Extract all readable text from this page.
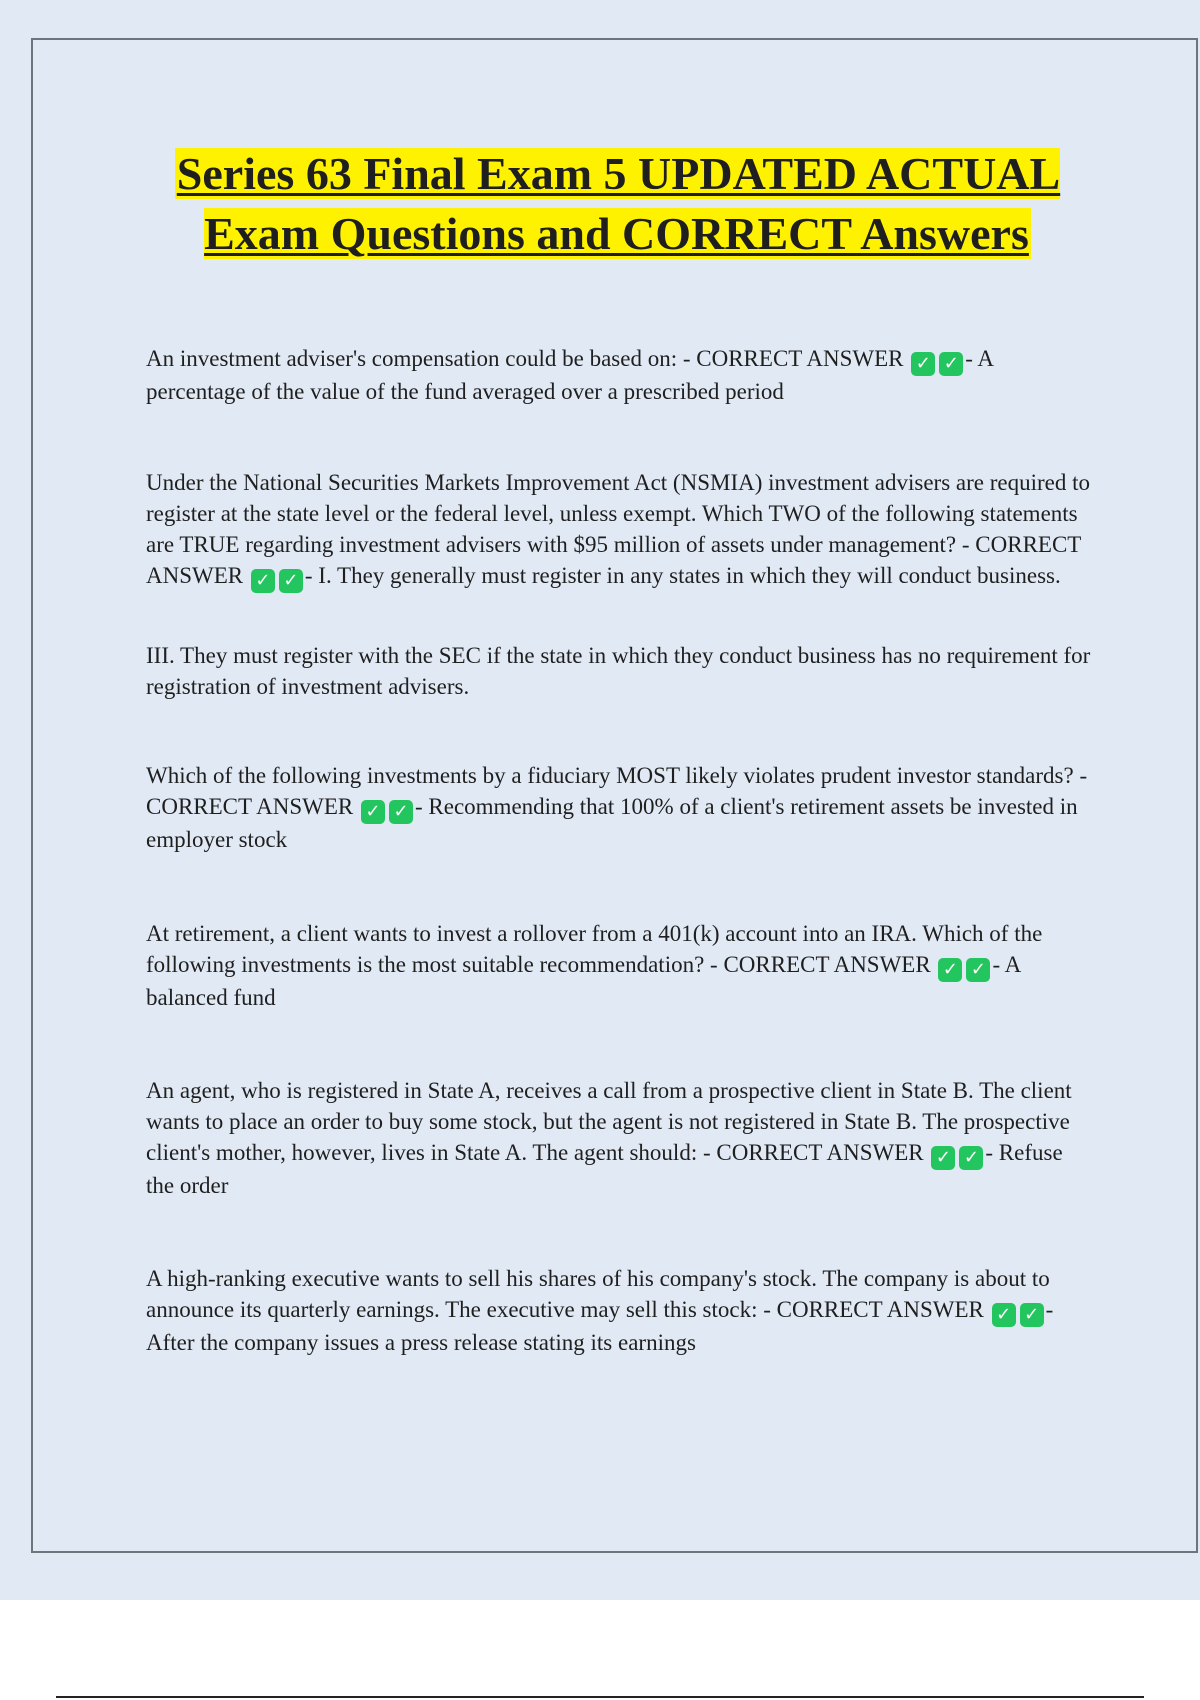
Series 63 Final Exam 5 UPDATED ACTUAL Exam Questions and CORRECT Answers

An investment adviser's compensation could be based on: - CORRECT ANSWER ✓ ✓ - A percentage of the value of the fund averaged over a prescribed period

Under the National Securities Markets Improvement Act (NSMIA) investment advisers are required to register at the state level or the federal level, unless exempt. Which TWO of the following statements are TRUE regarding investment advisers with $95 million of assets under management? - CORRECT ANSWER ✓ ✓ - I. They generally must register in any states in which they will conduct business.

III. They must register with the SEC if the state in which they conduct business has no requirement for registration of investment advisers.

Which of the following investments by a fiduciary MOST likely violates prudent investor standards? - CORRECT ANSWER ✓ ✓ - Recommending that 100% of a client's retirement assets be invested in employer stock

At retirement, a client wants to invest a rollover from a 401(k) account into an IRA. Which of the following investments is the most suitable recommendation? - CORRECT ANSWER ✓ ✓ - A balanced fund

An agent, who is registered in State A, receives a call from a prospective client in State B. The client wants to place an order to buy some stock, but the agent is not registered in State B. The prospective client's mother, however, lives in State A. The agent should: - CORRECT ANSWER ✓ ✓ - Refuse the order

A high-ranking executive wants to sell his shares of his company's stock. The company is about to announce its quarterly earnings. The executive may sell this stock: - CORRECT ANSWER ✓ ✓ - After the company issues a press release stating its earnings
